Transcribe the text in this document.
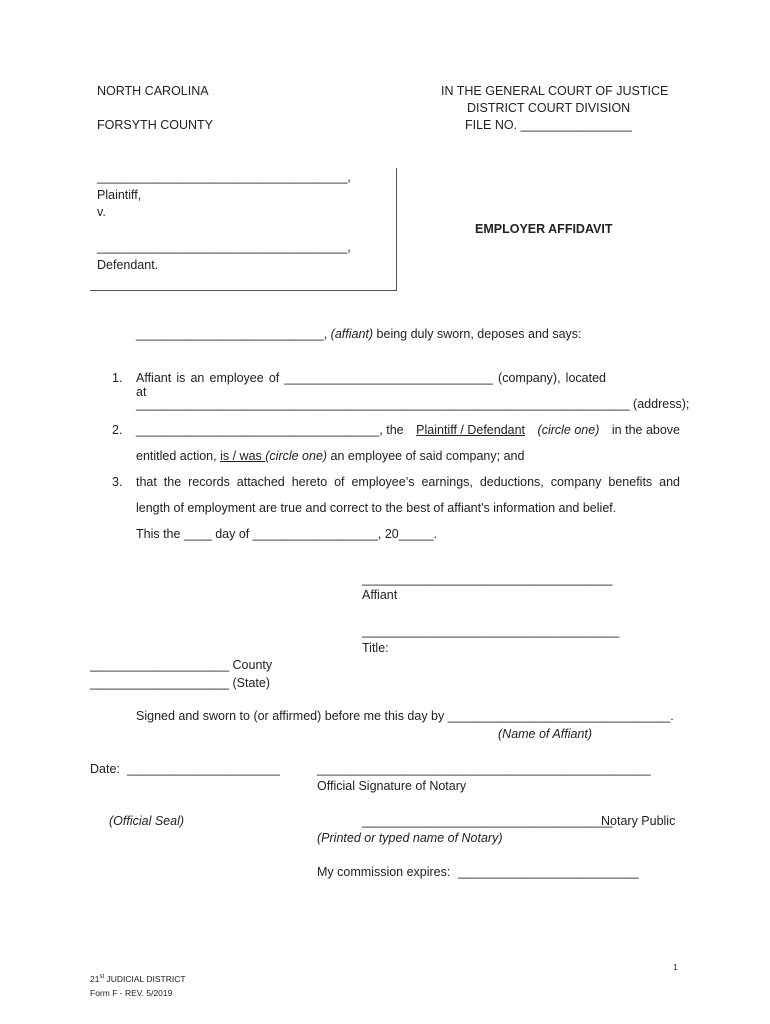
NORTH CAROLINA
FORSYTH COUNTY
IN THE GENERAL COURT OF JUSTICE
DISTRICT COURT DIVISION
FILE NO. ________________
____________________________________,
Plaintiff,
v.
____________________________________,
Defendant.
EMPLOYER AFFIDAVIT
___________________________, (affiant) being duly sworn, deposes and says:
1. Affiant is an employee of ______________________________ (company), located at
_______________________________________________________________________ (address);
2. ___________________________________, the Plaintiff / Defendant (circle one) in the above
entitled action, is / was (circle one) an employee of said company; and
3. that the records attached hereto of employee’s earnings, deductions, company benefits and
length of employment are true and correct to the best of affiant's information and belief.
This the ____ day of __________________, 20_____.
____________________________________
Affiant
_____________________________________
Title:
____________________ County
____________________ (State)
Signed and sworn to (or affirmed) before me this day by ________________________________.
(Name of Affiant)
Date: ______________________	________________________________________________
Official Signature of Notary
(Official Seal)	____________________________________
Notary Public
(Printed or typed name of Notary)
My commission expires: __________________________
1
21st JUDICIAL DISTRICT
Form F - REV. 5/2019
